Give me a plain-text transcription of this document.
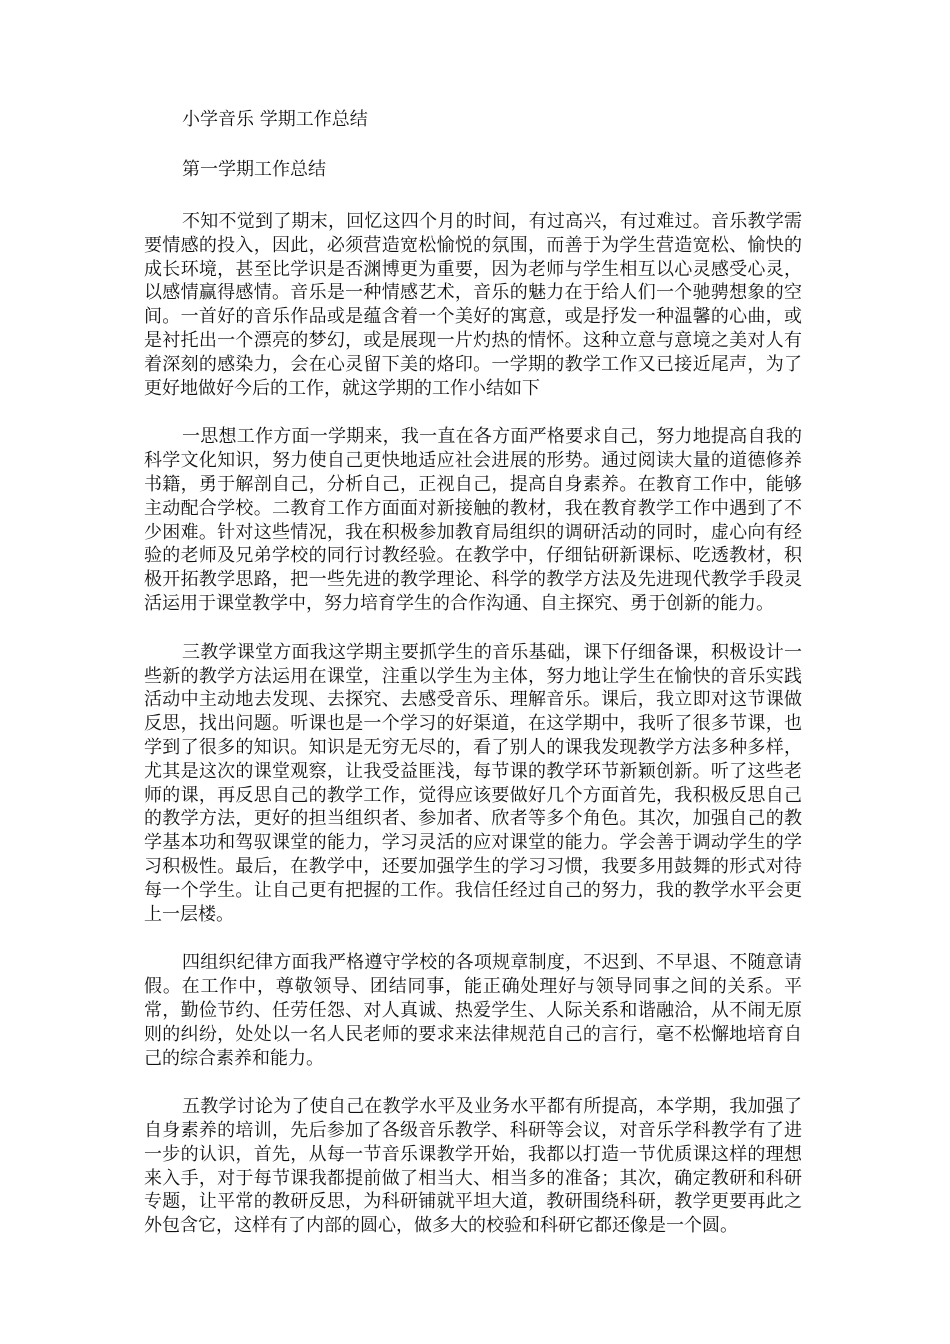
小学音乐 学期工作总结

第一学期工作总结

不知不觉到了期末，回忆这四个月的时间，有过高兴，有过难过。音乐教学需要情感的投入，因此，必须营造宽松愉悦的氛围，而善于为学生营造宽松、愉快的成长环境，甚至比学识是否渊博更为重要，因为老师与学生相互以心灵感受心灵，以感情赢得感情。音乐是一种情感艺术，音乐的魅力在于给人们一个驰骋想象的空间。一首好的音乐作品或是蕴含着一个美好的寓意，或是抒发一种温馨的心曲，或是衬托出一个漂亮的梦幻，或是展现一片灼热的情怀。这种立意与意境之美对人有着深刻的感染力，会在心灵留下美的烙印。一学期的教学工作又已接近尾声，为了更好地做好今后的工作，就这学期的工作小结如下

一思想工作方面一学期来，我一直在各方面严格要求自己，努力地提高自我的科学文化知识，努力使自己更快地适应社会进展的形势。通过阅读大量的道德修养书籍，勇于解剖自己，分析自己，正视自己，提高自身素养。在教育工作中，能够主动配合学校。二教育工作方面面对新接触的教材，我在教育教学工作中遇到了不少困难。针对这些情况，我在积极参加教育局组织的调研活动的同时，虚心向有经验的老师及兄弟学校的同行讨教经验。在教学中，仔细钻研新课标、吃透教材，积极开拓教学思路，把一些先进的教学理论、科学的教学方法及先进现代教学手段灵活运用于课堂教学中，努力培育学生的合作沟通、自主探究、勇于创新的能力。

三教学课堂方面我这学期主要抓学生的音乐基础，课下仔细备课，积极设计一些新的教学方法运用在课堂，注重以学生为主体，努力地让学生在愉快的音乐实践活动中主动地去发现、去探究、去感受音乐、理解音乐。课后，我立即对这节课做反思，找出问题。听课也是一个学习的好渠道，在这学期中，我听了很多节课，也学到了很多的知识。知识是无穷无尽的，看了别人的课我发现教学方法多种多样，尤其是这次的课堂观察，让我受益匪浅，每节课的教学环节新颖创新。听了这些老师的课，再反思自己的教学工作，觉得应该要做好几个方面首先，我积极反思自己的教学方法，更好的担当组织者、参加者、欣者等多个角色。其次，加强自己的教学基本功和驾驭课堂的能力，学习灵活的应对课堂的能力。学会善于调动学生的学习积极性。最后，在教学中，还要加强学生的学习习惯，我要多用鼓舞的形式对待每一个学生。让自己更有把握的工作。我信任经过自己的努力，我的教学水平会更上一层楼。

四组织纪律方面我严格遵守学校的各项规章制度，不迟到、不早退、不随意请假。在工作中，尊敬领导、团结同事，能正确处理好与领导同事之间的关系。平常，勤俭节约、任劳任怨、对人真诚、热爱学生、人际关系和谐融洽，从不闹无原则的纠纷，处处以一名人民老师的要求来法律规范自己的言行，毫不松懈地培育自己的综合素养和能力。

五教学讨论为了使自己在教学水平及业务水平都有所提高，本学期，我加强了自身素养的培训，先后参加了各级音乐教学、科研等会议，对音乐学科教学有了进一步的认识，首先，从每一节音乐课教学开始，我都以打造一节优质课这样的理想来入手，对于每节课我都提前做了相当大、相当多的准备；其次，确定教研和科研专题，让平常的教研反思，为科研铺就平坦大道，教研围绕科研，教学更要再此之外包含它，这样有了内部的圆心，做多大的校验和科研它都还像是一个圆。
